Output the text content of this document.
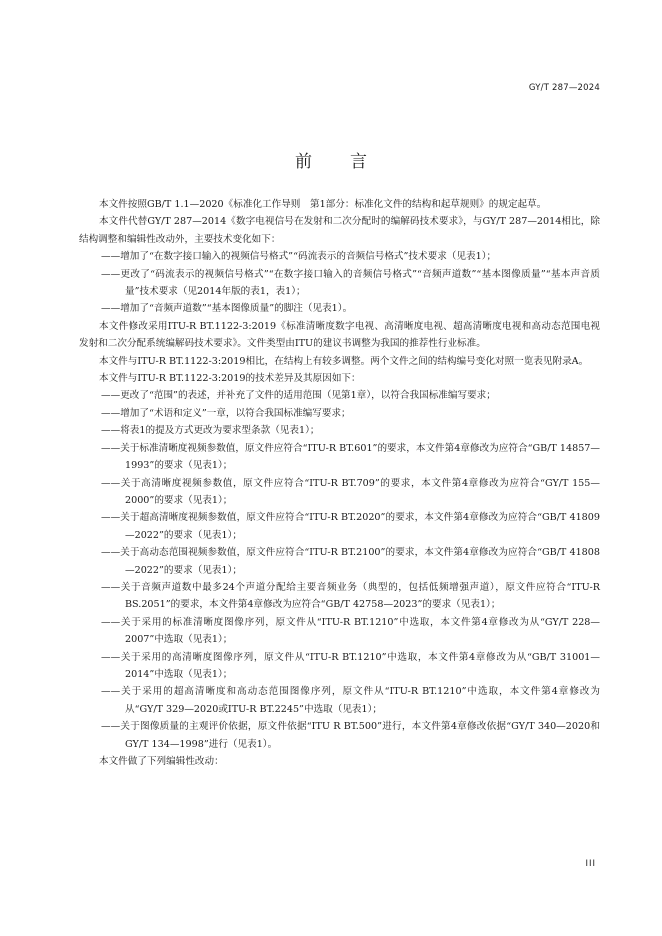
GY/T 287—2024
前言

本文件按照GB/T 1.1—2020《标准化工作导则　第1部分：标准化文件的结构和起草规则》的规定起草。

本文件代替GY/T 287—2014《数字电视信号在发射和二次分配时的编解码技术要求》，与GY/T 287—2014相比，除结构调整和编辑性改动外，主要技术变化如下：

——增加了“在数字接口输入的视频信号格式”“码流表示的音频信号格式”技术要求（见表1）；

——更改了“码流表示的视频信号格式”“在数字接口输入的音频信号格式”“音频声道数”“基本图像质量”“基本声音质量”技术要求（见2014年版的表1，表1）；

——增加了“音频声道数”“基本图像质量”的脚注（见表1）。

本文件修改采用ITU-R BT.1122-3:2019《标准清晰度数字电视、高清晰度电视、超高清晰度电视和高动态范围电视发射和二次分配系统编解码技术要求》。文件类型由ITU的建议书调整为我国的推荐性行业标准。

本文件与ITU-R BT.1122-3:2019相比，在结构上有较多调整。两个文件之间的结构编号变化对照一览表见附录A。

本文件与ITU-R BT.1122-3:2019的技术差异及其原因如下：

——更改了“范围”的表述，并补充了文件的适用范围（见第1章），以符合我国标准编写要求；

——增加了“术语和定义”一章，以符合我国标准编写要求；

——将表1的提及方式更改为要求型条款（见表1）；

——关于标准清晰度视频参数值，原文件应符合“ITU-R BT.601”的要求，本文件第4章修改为应符合“GB/T 14857—1993”的要求（见表1）；

——关于高清晰度视频参数值，原文件应符合“ITU-R BT.709”的要求，本文件第4章修改为应符合“GY/T 155—2000”的要求（见表1）；

——关于超高清晰度视频参数值，原文件应符合“ITU-R BT.2020”的要求，本文件第4章修改为应符合“GB/T 41809—2022”的要求（见表1）；

——关于高动态范围视频参数值，原文件应符合“ITU-R BT.2100”的要求，本文件第4章修改为应符合“GB/T 41808—2022”的要求（见表1）；

——关于音频声道数中最多24个声道分配给主要音频业务（典型的，包括低频增强声道），原文件应符合“ITU-R BS.2051”的要求，本文件第4章修改为应符合“GB/T 42758—2023”的要求（见表1）；

——关于采用的标准清晰度图像序列，原文件从“ITU-R BT.1210”中选取，本文件第4章修改为从“GY/T 228—2007”中选取（见表1）；

——关于采用的高清晰度图像序列，原文件从“ITU-R BT.1210”中选取，本文件第4章修改为从“GB/T 31001—2014”中选取（见表1）；

——关于采用的超高清晰度和高动态范围图像序列，原文件从“ITU-R BT.1210”中选取，本文件第4章修改为从“GY/T 329—2020或ITU-R BT.2245”中选取（见表1）；

——关于图像质量的主观评价依据，原文件依据“ITU R BT.500”进行，本文件第4章修改依据“GY/T 340—2020和GY/T 134—1998”进行（见表1）。

本文件做了下列编辑性改动：

III
